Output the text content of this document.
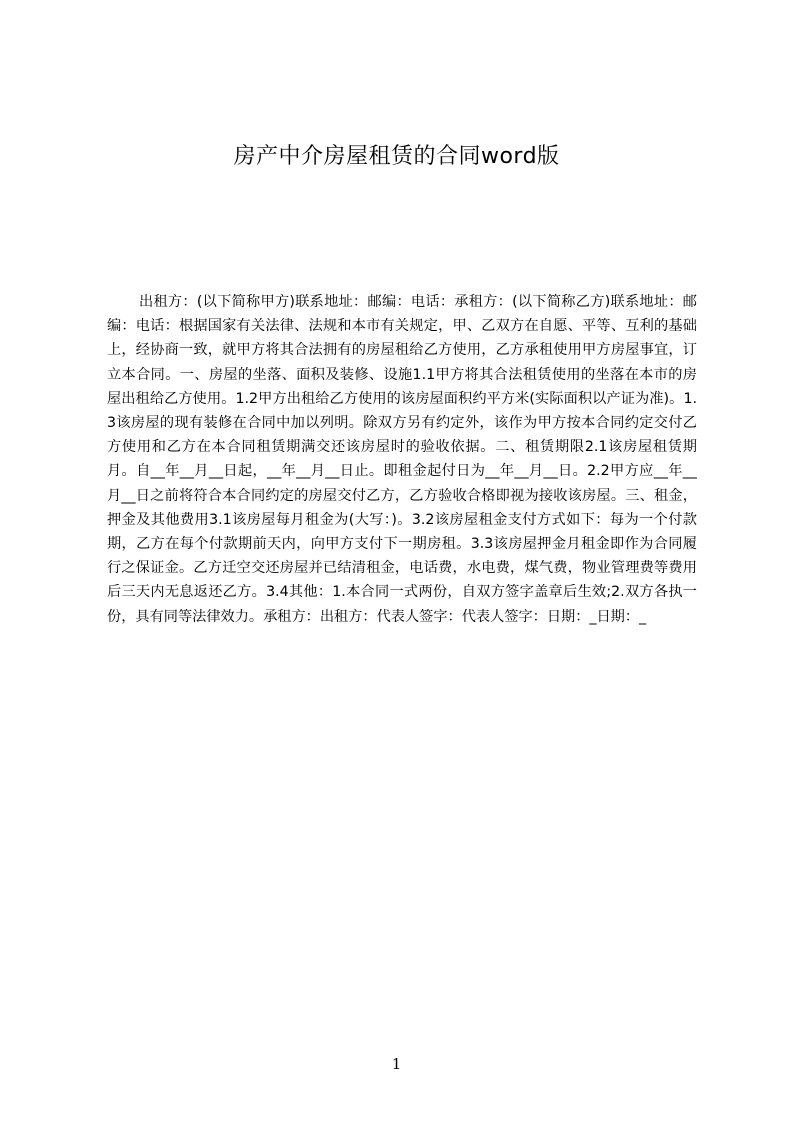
房产中介房屋租赁的合同word版
出租方：(以下简称甲方)联系地址：邮编：电话：承租方：(以下简称乙方)联系地址：邮编：电话：根据国家有关法律、法规和本市有关规定，甲、乙双方在自愿、平等、互利的基础上，经协商一致，就甲方将其合法拥有的房屋租给乙方使用，乙方承租使用甲方房屋事宜，订立本合同。一、房屋的坐落、面积及装修、设施1.1甲方将其合法租赁使用的坐落在本市的房屋出租给乙方使用。1.2甲方出租给乙方使用的该房屋面积约平方米(实际面积以产证为准)。1.3该房屋的现有装修在合同中加以列明。除双方另有约定外，该作为甲方按本合同约定交付乙方使用和乙方在本合同租赁期满交还该房屋时的验收依据。二、租赁期限2.1该房屋租赁期月。自__年__月__日起，__年__月__日止。即租金起付日为__年__月__日。2.2甲方应__年__月__日之前将符合本合同约定的房屋交付乙方，乙方验收合格即视为接收该房屋。三、租金，押金及其他费用3.1该房屋每月租金为(大写：)。3.2该房屋租金支付方式如下：每为一个付款期，乙方在每个付款期前天内，向甲方支付下一期房租。3.3该房屋押金月租金即作为合同履行之保证金。乙方迁空交还房屋并已结清租金，电话费，水电费，煤气费，物业管理费等费用后三天内无息返还乙方。3.4其他：1.本合同一式两份，自双方签字盖章后生效;2.双方各执一份，具有同等法律效力。承租方：出租方：代表人签字：代表人签字：日期：_日期：_
1
